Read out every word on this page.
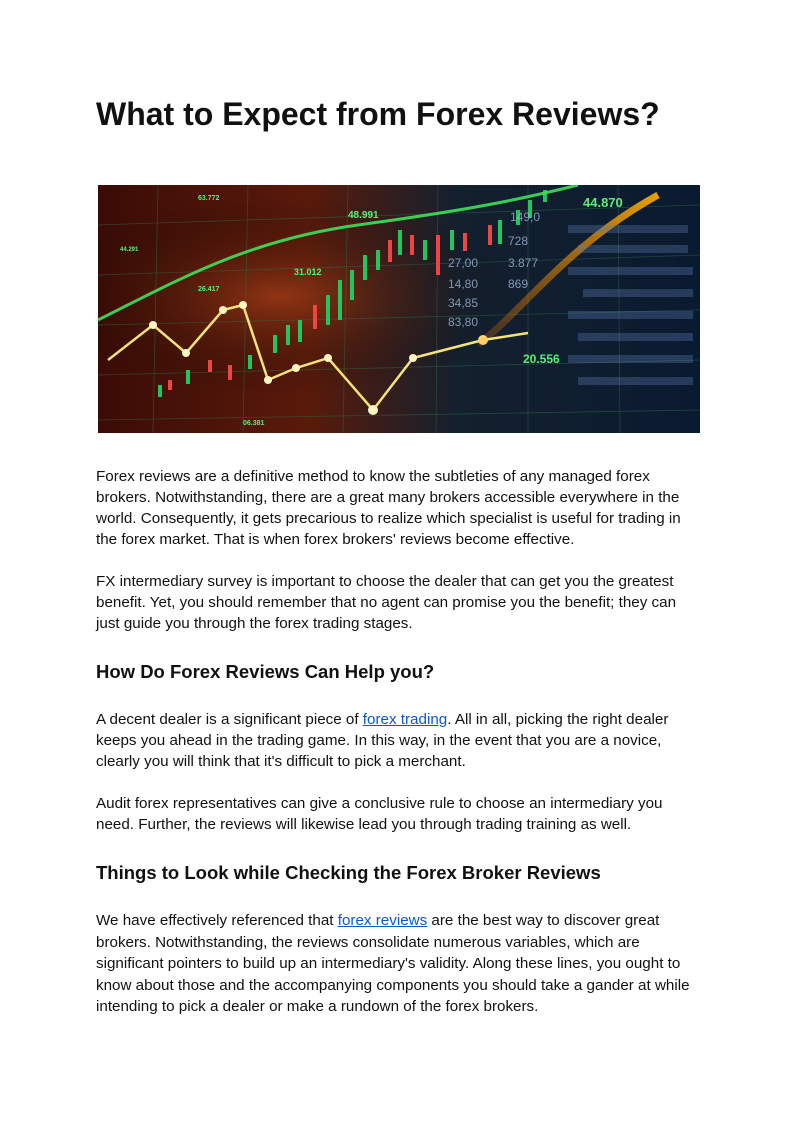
What to Expect from Forex Reviews?
63.772
48.991
44.870
44.291
31.012
26.417
20.556
06.381
728
3.877
27,00
14,80 869
34,85
83,80
149,0

Forex reviews are a definitive method to know the subtleties of any managed forex brokers. Notwithstanding, there are a great many brokers accessible everywhere in the world. Consequently, it gets precarious to realize which specialist is useful for trading in the forex market. That is when forex brokers' reviews become effective.

FX intermediary survey is important to choose the dealer that can get you the greatest benefit. Yet, you should remember that no agent can promise you the benefit; they can just guide you through the forex trading stages.

How Do Forex Reviews Can Help you?

A decent dealer is a significant piece of forex trading. All in all, picking the right dealer keeps you ahead in the trading game. In this way, in the event that you are a novice, clearly you will think that it's difficult to pick a merchant.

Audit forex representatives can give a conclusive rule to choose an intermediary you need. Further, the reviews will likewise lead you through trading training as well.

Things to Look while Checking the Forex Broker Reviews

We have effectively referenced that forex reviews are the best way to discover great brokers. Notwithstanding, the reviews consolidate numerous variables, which are significant pointers to build up an intermediary's validity. Along these lines, you ought to know about those and the accompanying components you should take a gander at while intending to pick a dealer or make a rundown of the forex brokers.
